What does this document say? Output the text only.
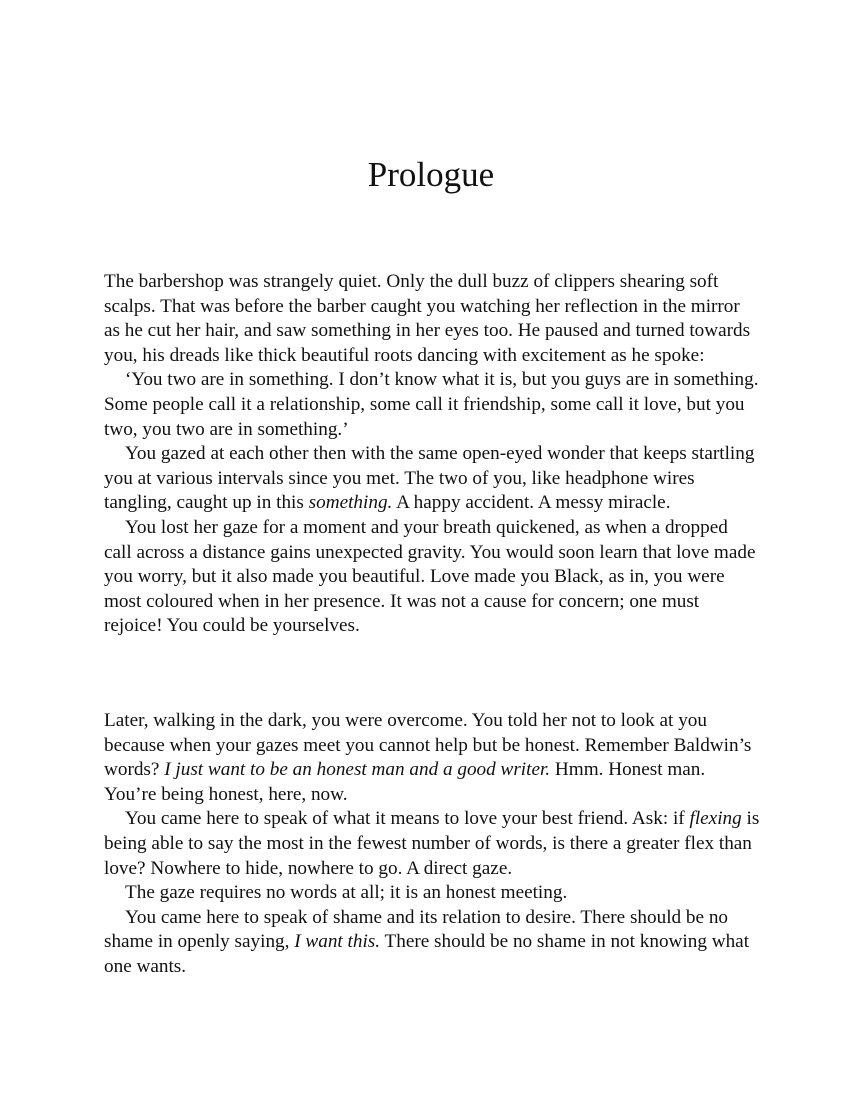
Prologue

The barbershop was strangely quiet. Only the dull buzz of clippers shearing soft scalps. That was before the barber caught you watching her reflection in the mirror as he cut her hair, and saw something in her eyes too. He paused and turned towards you, his dreads like thick beautiful roots dancing with excitement as he spoke:

‘You two are in something. I don’t know what it is, but you guys are in something. Some people call it a relationship, some call it friendship, some call it love, but you two, you two are in something.’

You gazed at each other then with the same open-eyed wonder that keeps startling you at various intervals since you met. The two of you, like headphone wires tangling, caught up in this something. A happy accident. A messy miracle.

You lost her gaze for a moment and your breath quickened, as when a dropped call across a distance gains unexpected gravity. You would soon learn that love made you worry, but it also made you beautiful. Love made you Black, as in, you were most coloured when in her presence. It was not a cause for concern; one must rejoice! You could be yourselves.

Later, walking in the dark, you were overcome. You told her not to look at you because when your gazes meet you cannot help but be honest. Remember Baldwin’s words? I just want to be an honest man and a good writer. Hmm. Honest man. You’re being honest, here, now.

You came here to speak of what it means to love your best friend. Ask: if flexing is being able to say the most in the fewest number of words, is there a greater flex than love? Nowhere to hide, nowhere to go. A direct gaze.

The gaze requires no words at all; it is an honest meeting.

You came here to speak of shame and its relation to desire. There should be no shame in openly saying, I want this. There should be no shame in not knowing what one wants.
